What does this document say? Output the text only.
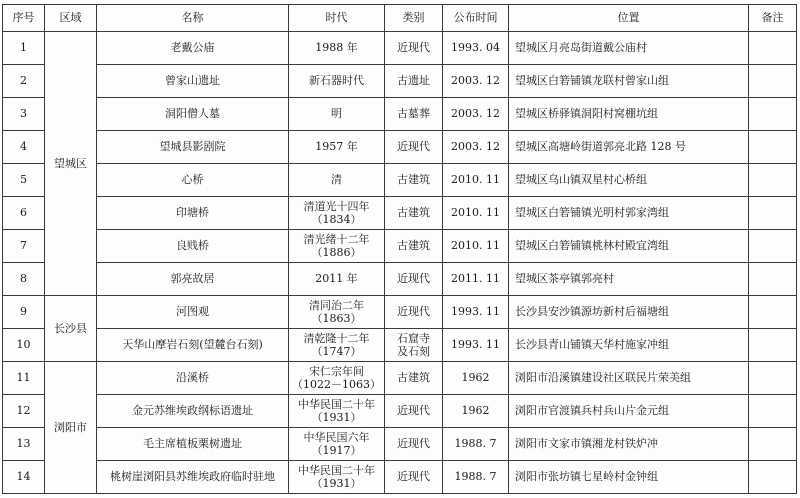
序号	区域	名称	时代	类别	公布时间	位置	备注
1	望城区	老戴公庙	1988 年	近现代	1993. 04	望城区月亮岛街道戴公庙村	
2		曾家山遗址	新石器时代	古遗址	2003. 12	望城区白箬铺镇龙联村曾家山组	
3		洞阳僧人墓	明	古墓葬	2003. 12	望城区桥驿镇洞阳村窝棚坑组	
4		望城县影剧院	1957 年	近现代	2003. 12	望城区高塘岭街道郭亮北路 128 号	
5		心桥	清	古建筑	2010. 11	望城区乌山镇双星村心桥组	
6		印塘桥	清道光十四年
（1834）	古建筑	2010. 11	望城区白箬铺镇光明村郭家湾组	
7		良贱桥	清光绪十二年
（1886）	古建筑	2010. 11	望城区白箬铺镇桃林村殿宜湾组	
8		郭亮故居	2011 年	近现代	2011. 11	望城区茶亭镇郭亮村	
9	长沙县	河图观	清同治二年
（1863）	近现代	1993. 11	长沙县安沙镇源坊新村后福塘组	
10		天华山摩岩石刻(望麓台石刻)	清乾隆十二年
（1747）	石窟寺
及石刻	1993. 11	长沙县青山铺镇天华村施家冲组	
11	浏阳市	沿溪桥	宋仁宗年间
（1022－1063）	古建筑	1962	浏阳市沿溪镇建设社区联民片荣美组	
12		金元苏维埃政纲标语遗址	中华民国二十年
（1931）	近现代	1962	浏阳市官渡镇兵村兵山片金元组	
13		毛主席植板栗树遗址	中华民国六年
（1917）	近现代	1988. 7	浏阳市文家市镇湘龙村铁炉冲	
14		桃树崖浏阳县苏维埃政府临时驻地	中华民国二十年
（1931）	近现代	1988. 7	浏阳市张坊镇七星岭村金钟组	
